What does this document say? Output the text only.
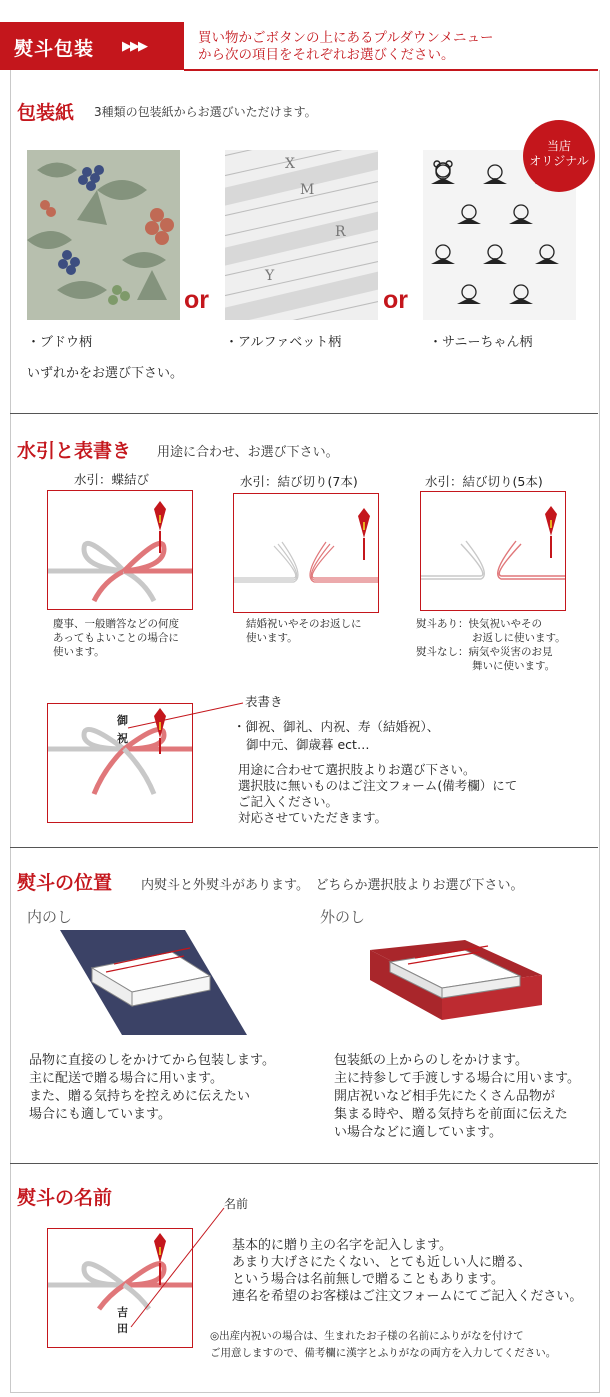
熨斗包装 ▶▶▶
買い物かごボタンの上にあるプルダウンメニュー
から次の項目をそれぞれお選びください。
包装紙 3種類の包装紙からお選びいただけます。
or
X
M
R
Y
or
当店
オリジナル
・ブドウ柄	・アルファベット柄	・サニーちゃん柄
いずれかをお選び下さい。
水引と表書き 用途に合わせ、お選び下さい。
水引：蝶結び	水引：結び切り(7本)	水引：結び切り(5本)
慶事、一般贈答などの何度
あってもよいことの場合に
使います。
結婚祝いやそのお返しに
使います。
熨斗あり：快気祝いやその
お返しに使います。
熨斗なし：病気や災害のお見
舞いに使います。
御
祝
表書き
・御祝、御礼、内祝、寿（結婚祝）、
御中元、御歳暮 ect…
用途に合わせて選択肢よりお選び下さい。
選択肢に無いものはご注文フォーム(備考欄）にて
ご記入ください。
対応させていただきます。
熨斗の位置 内熨斗と外熨斗があります。　どちらか選択肢よりお選び下さい。
内のし	外のし
品物に直接のしをかけてから包装します。
主に配送で贈る場合に用います。
また、贈る気持ちを控えめに伝えたい
場合にも適しています。
包装紙の上からのしをかけます。
主に持参して手渡しする場合に用います。
開店祝いなど相手先にたくさん品物が
集まる時や、贈る気持ちを前面に伝えた
い場合などに適しています。
熨斗の名前	名前
吉
田
基本的に贈り主の名字を記入します。
あまり大げさにたくない、とても近しい人に贈る、
という場合は名前無しで贈ることもあります。
連名を希望のお客様はご注文フォームにてご記入ください。
◎出産内祝いの場合は、生まれたお子様の名前にふりがなを付けて
ご用意しますので、備考欄に漢字とふりがなの両方を入力してください。
